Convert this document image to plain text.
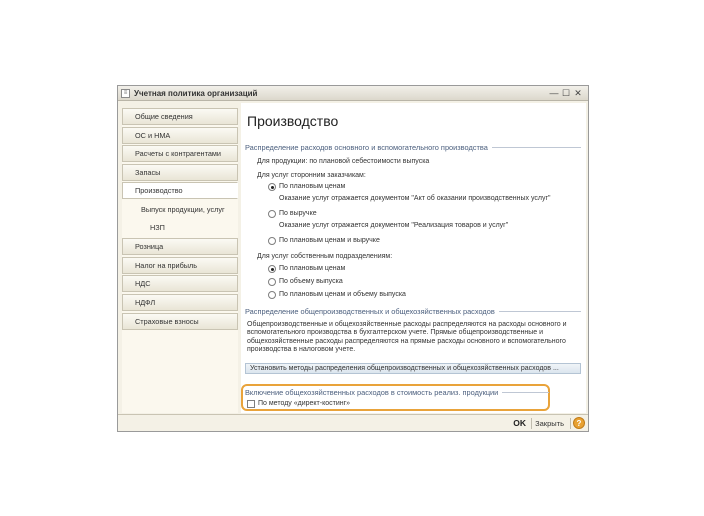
≡ Учетная политика организаций	— ☐ ✕
Общие сведения
ОС и НМА
Расчеты с контрагентами
Запасы
Производство
Выпуск продукции, услуг
НЗП
Розница
Налог на прибыль
НДС
НДФЛ
Страховые взносы
Производство
Распределение расходов основного и вспомогательного производства
Для продукции: по плановой себестоимости выпуска
Для услуг сторонним заказчикам:
По плановым ценам
Оказание услуг отражается документом "Акт об оказании производственных услуг"
По выручке
Оказание услуг отражается документом "Реализация товаров и услуг"
По плановым ценам и выручке
Для услуг собственным подразделениям:
По плановым ценам
По объему выпуска
По плановым ценам и объему выпуска
Распределение общепроизводственных и общехозяйственных расходов
Общепроизводственные и общехозяйственные расходы распределяются на расходы основного и вспомогательного производства в бухгалтерском учете. Прямые общепроизводственные и общехозяйственные расходы распределяются на прямые расходы основного и вспомогательного производства в налоговом учете.
Установить методы распределения общепроизводственных и общехозяйственных расходов ...
Включение общехозяйственных расходов в стоимость реализ. продукции
По методу «директ-костинг»
OK Закрыть	?
